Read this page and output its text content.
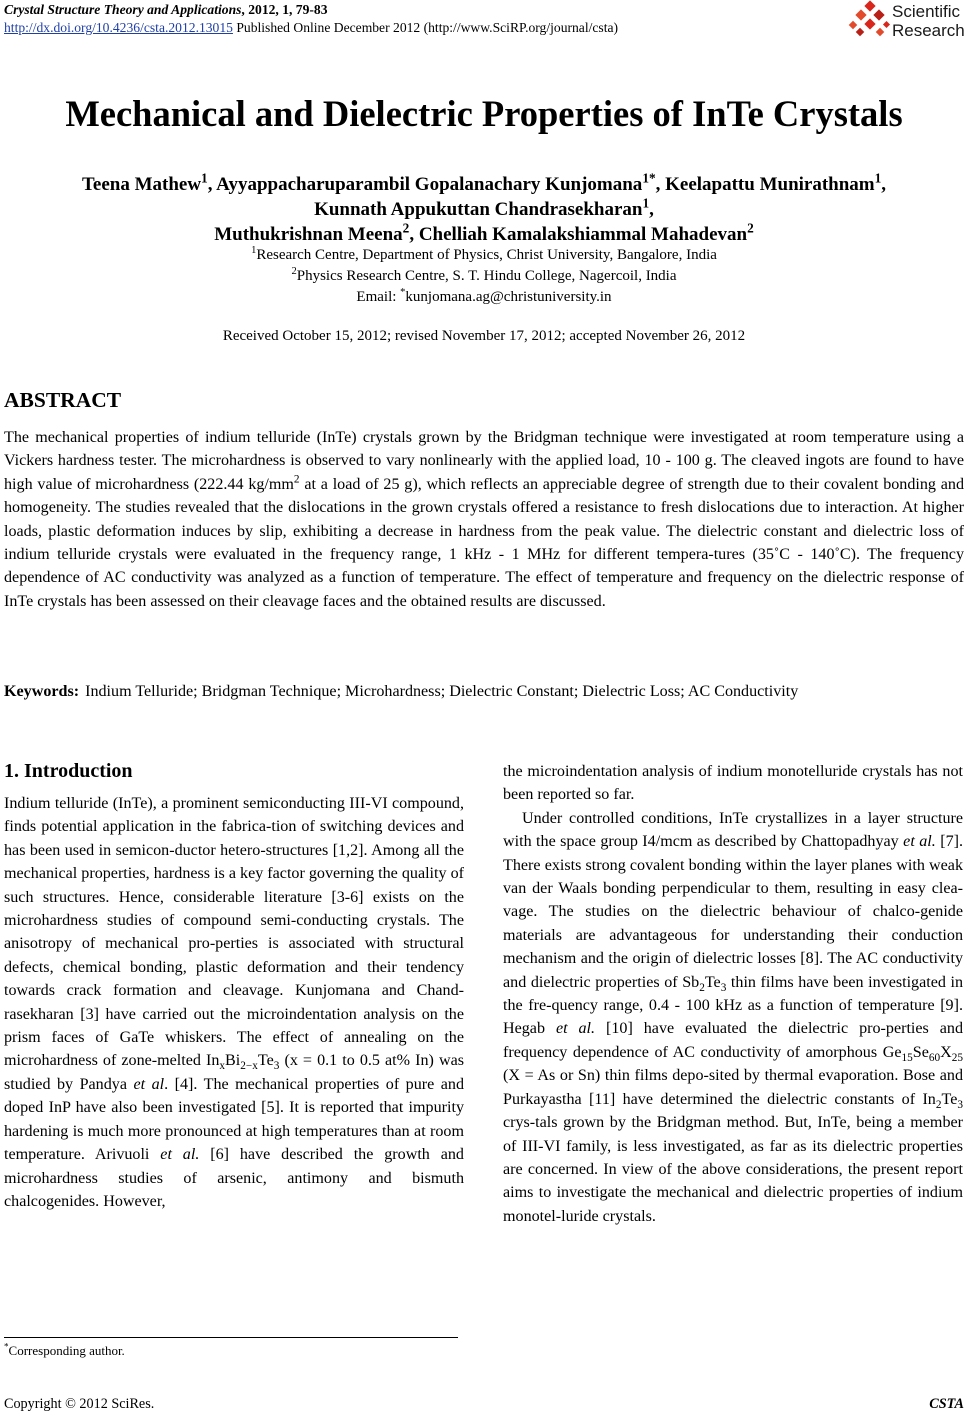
Crystal Structure Theory and Applications, 2012, 1, 79-83
http://dx.doi.org/10.4236/csta.2012.13015 Published Online December 2012 (http://www.SciRP.org/journal/csta)
Scientific
Research
Mechanical and Dielectric Properties of InTe Crystals
Teena Mathew$^1$, Ayyappacharuparambil Gopalanachary Kunjomana$^{1*}$, Keelapattu Munirathnam$^1$,
Kunnath Appukuttan Chandrasekharan$^1$,
Muthukrishnan Meena$^2$, Chelliah Kamalakshiammal Mahadevan$^2$
$^1$Research Centre, Department of Physics, Christ University, Bangalore, India
$^2$Physics Research Centre, S. T. Hindu College, Nagercoil, India
Email: *kunjomana.ag@christuniversity.in
Received October 15, 2012; revised November 17, 2012; accepted November 26, 2012
ABSTRACT

The mechanical properties of indium telluride (InTe) crystals grown by the Bridgman technique were investigated at room temperature using a Vickers hardness tester. The microhardness is observed to vary nonlinearly with the applied load, 10 - 100 g. The cleaved ingots are found to have high value of microhardness (222.44 $kg/mm^2$ at a load of 25 g), which reflects an appreciable degree of strength due to their covalent bonding and homogeneity. The studies revealed that the dislocations in the grown crystals offered a resistance to fresh dislocations due to interaction. At higher loads, plastic deformation induces by slip, exhibiting a decrease in hardness from the peak value. The dielectric constant and dielectric loss of indium telluride crystals were evaluated in the frequency range, 1 kHz - 1 MHz for different tempera-tures (35˚C - 140˚C). The frequency dependence of AC conductivity was analyzed as a function of temperature. The effect of temperature and frequency on the dielectric response of InTe crystals has been assessed on their cleavage faces and the obtained results are discussed.

Keywords: Indium Telluride; Bridgman Technique; Microhardness; Dielectric Constant; Dielectric Loss; AC Conductivity
1. Introduction

Indium telluride (InTe), a prominent semiconducting III-VI compound, finds potential application in the fabrica-tion of switching devices and has been used in semicon-ductor hetero-structures [1,2]. Among all the mechanical properties, hardness is a key factor governing the quality of such structures. Hence, considerable literature [3-6] exists on the microhardness studies of compound semi-conducting crystals. The anisotropy of mechanical pro-perties is associated with structural defects, chemical bonding, plastic deformation and their tendency towards crack formation and cleavage. Kunjomana and Chand-rasekharan [3] have carried out the microindentation analysis on the prism faces of GaTe whiskers. The effect of annealing on the microhardness of zone-melted $In_xBi_{2-x}Te_3$ (x = 0.1 to 0.5 at% In) was studied by Pandya et al. [4]. The mechanical properties of pure and doped InP have also been investigated [5]. It is reported that impurity hardening is much more pronounced at high temperatures than at room temperature. Arivuoli et al. [6] have described the growth and microhardness studies of arsenic, antimony and bismuth chalcogenides. However,

the microindentation analysis of indium monotelluride crystals has not been reported so far.

Under controlled conditions, InTe crystallizes in a layer structure with the space group I4/mcm as described by Chattopadhyay et al. [7]. There exists strong covalent bonding within the layer planes with weak van der Waals bonding perpendicular to them, resulting in easy clea-vage. The studies on the dielectric behaviour of chalco-genide materials are advantageous for understanding their conduction mechanism and the origin of dielectric losses [8]. The AC conductivity and dielectric properties of $Sb_2Te_3$ thin films have been investigated in the fre-quency range, 0.4 - 100 kHz as a function of temperature [9]. Hegab et al. [10] have evaluated the dielectric pro-perties and frequency dependence of AC conductivity of amorphous $Ge_{15}Se_{60}X_{25}$ (X = As or Sn) thin films depo-sited by thermal evaporation. Bose and Purkayastha [11] have determined the dielectric constants of $In_2Te_3$ crys-tals grown by the Bridgman method. But, InTe, being a member of III-VI family, is less investigated, as far as its dielectric properties are concerned. In view of the above considerations, the present report aims to investigate the mechanical and dielectric properties of indium monotel-luride crystals.

*Corresponding author.
Copyright © 2012 SciRes.	CSTA
